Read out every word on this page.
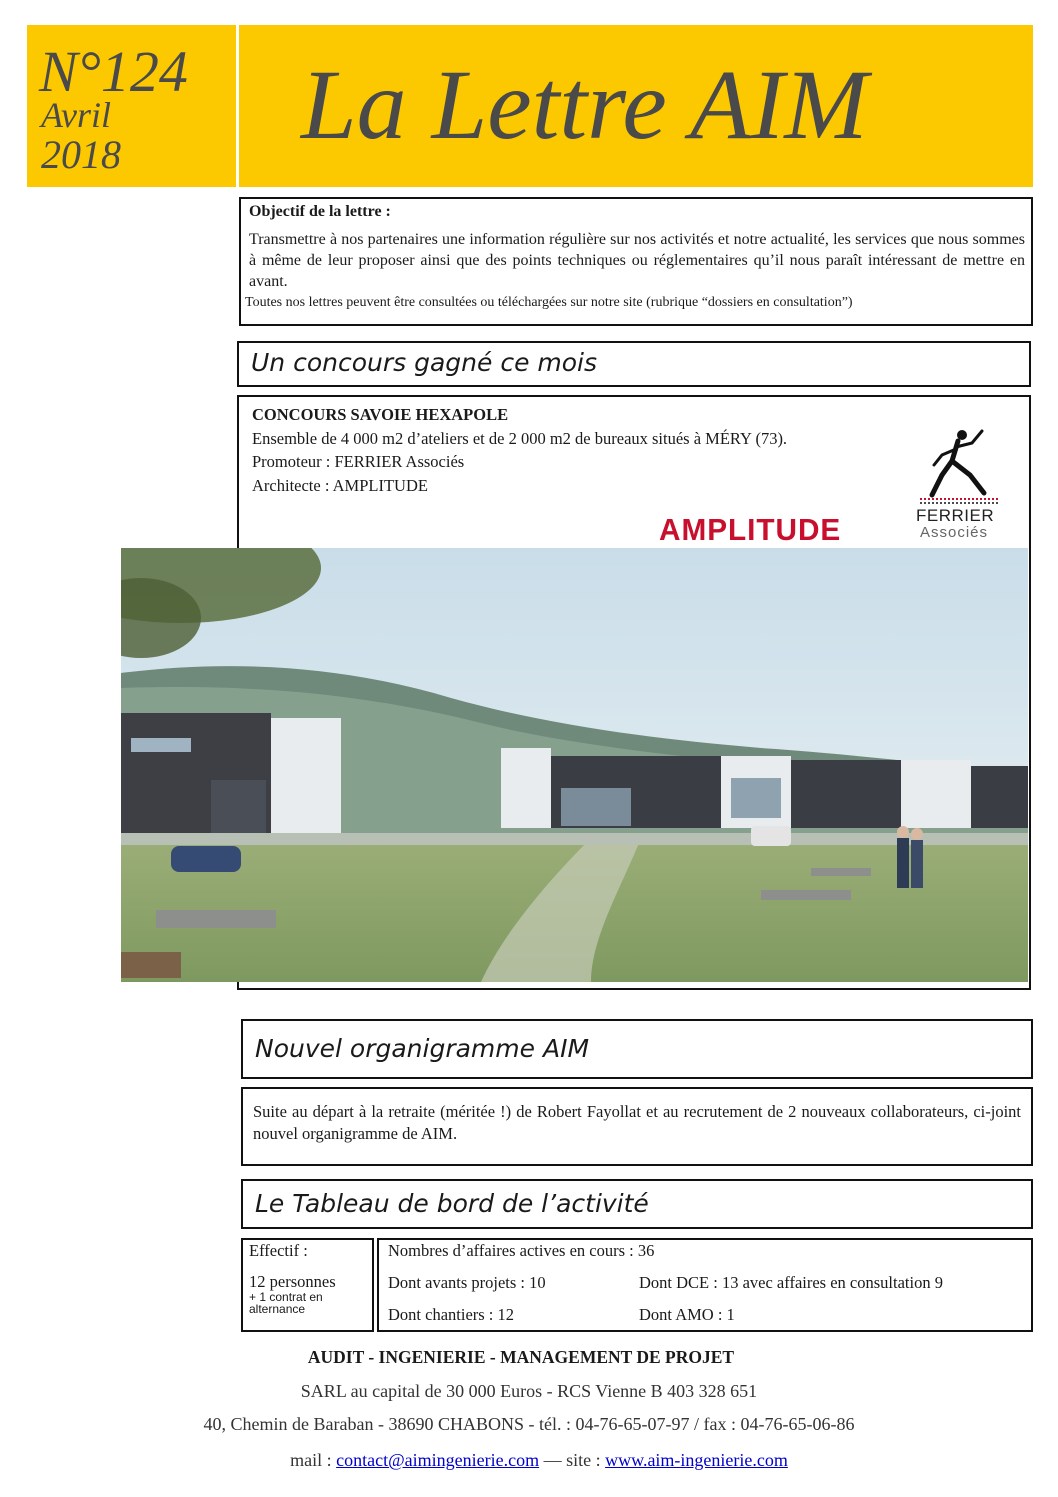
N°124
Avril
2018 La Lettre AIM

Objectif de la lettre :

Transmettre à nos partenaires une information régulière sur nos activités et notre actualité, les services que nous sommes à même de leur proposer ainsi que des points techniques ou réglementaires qu’il nous paraît intéressant de mettre en avant.

Toutes nos lettres peuvent être consultées ou téléchargées sur notre site (rubrique “dossiers en consultation”)

Un concours gagné ce mois

CONCOURS SAVOIE HEXAPOLE

Ensemble de 4 000 m2 d’ateliers et de 2 000 m2 de bureaux situés à MÉRY (73).

Promoteur : FERRIER Associés

Architecte : AMPLITUDE

AMPLITUDE	FERRIER
Associés
Nouvel organigramme AIM

Suite au départ à la retraite (méritée !) de Robert Fayollat et au recrutement de 2 nouveaux collaborateurs, ci-joint nouvel organigramme de AIM.

Le Tableau de bord de l’activité

Effectif :

12 personnes

+ 1 contrat en

alternance

Nombres d’affaires actives en cours : 36
Dont avants projets : 10	Dont DCE : 13 avec affaires en consultation 9
Dont chantiers : 12	Dont AMO : 1
AUDIT - INGENIERIE - MANAGEMENT DE PROJET
SARL au capital de 30 000 Euros - RCS Vienne B 403 328 651
40, Chemin de Baraban - 38690 CHABONS - tél. : 04-76-65-07-97 / fax : 04-76-65-06-86
mail : contact@aimingenierie.com — site : www.aim-ingenierie.com
